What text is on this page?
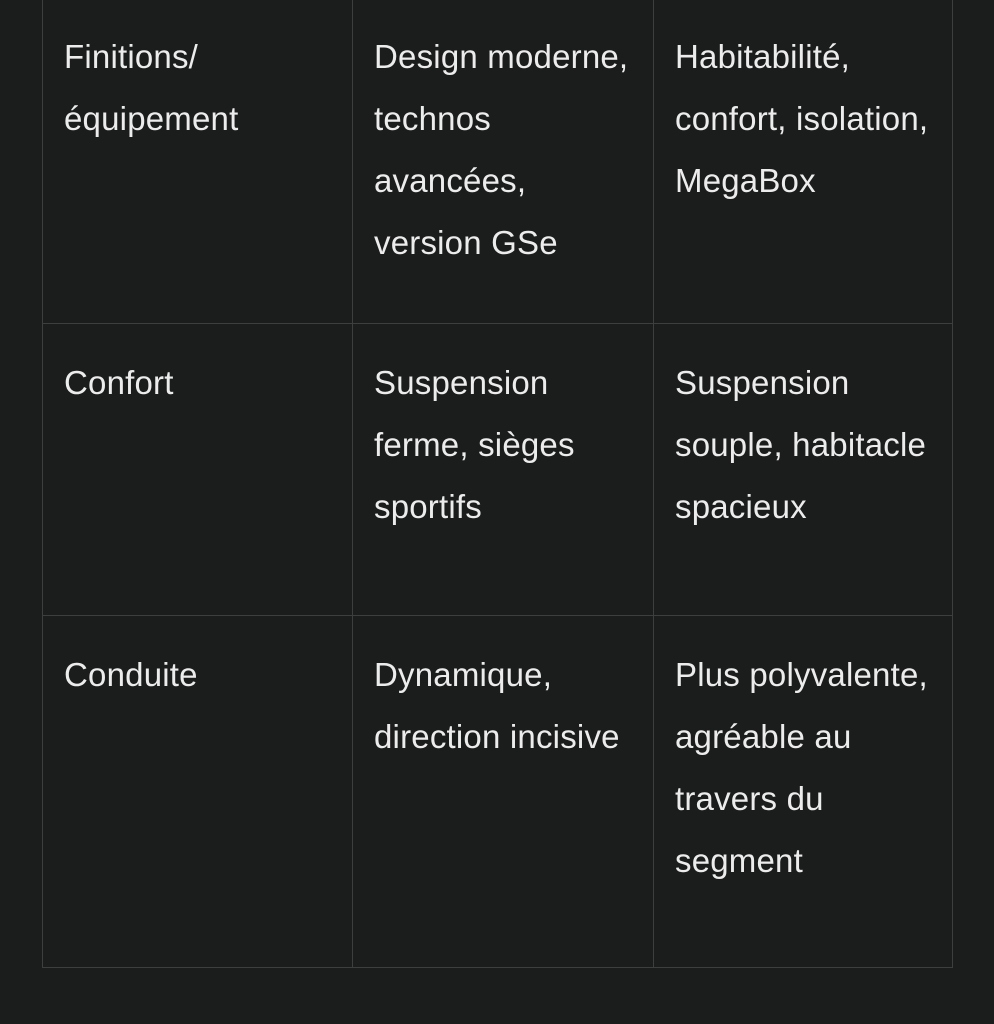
Finitions/ équipement	Design moderne, technos avancées, version GSe	Habitabilité, confort, isolation, MegaBox
Confort	Suspension ferme, sièges sportifs	Suspension souple, habitacle spacieux
Conduite	Dynamique, direction incisive	Plus polyvalente, agréable au travers du segment
